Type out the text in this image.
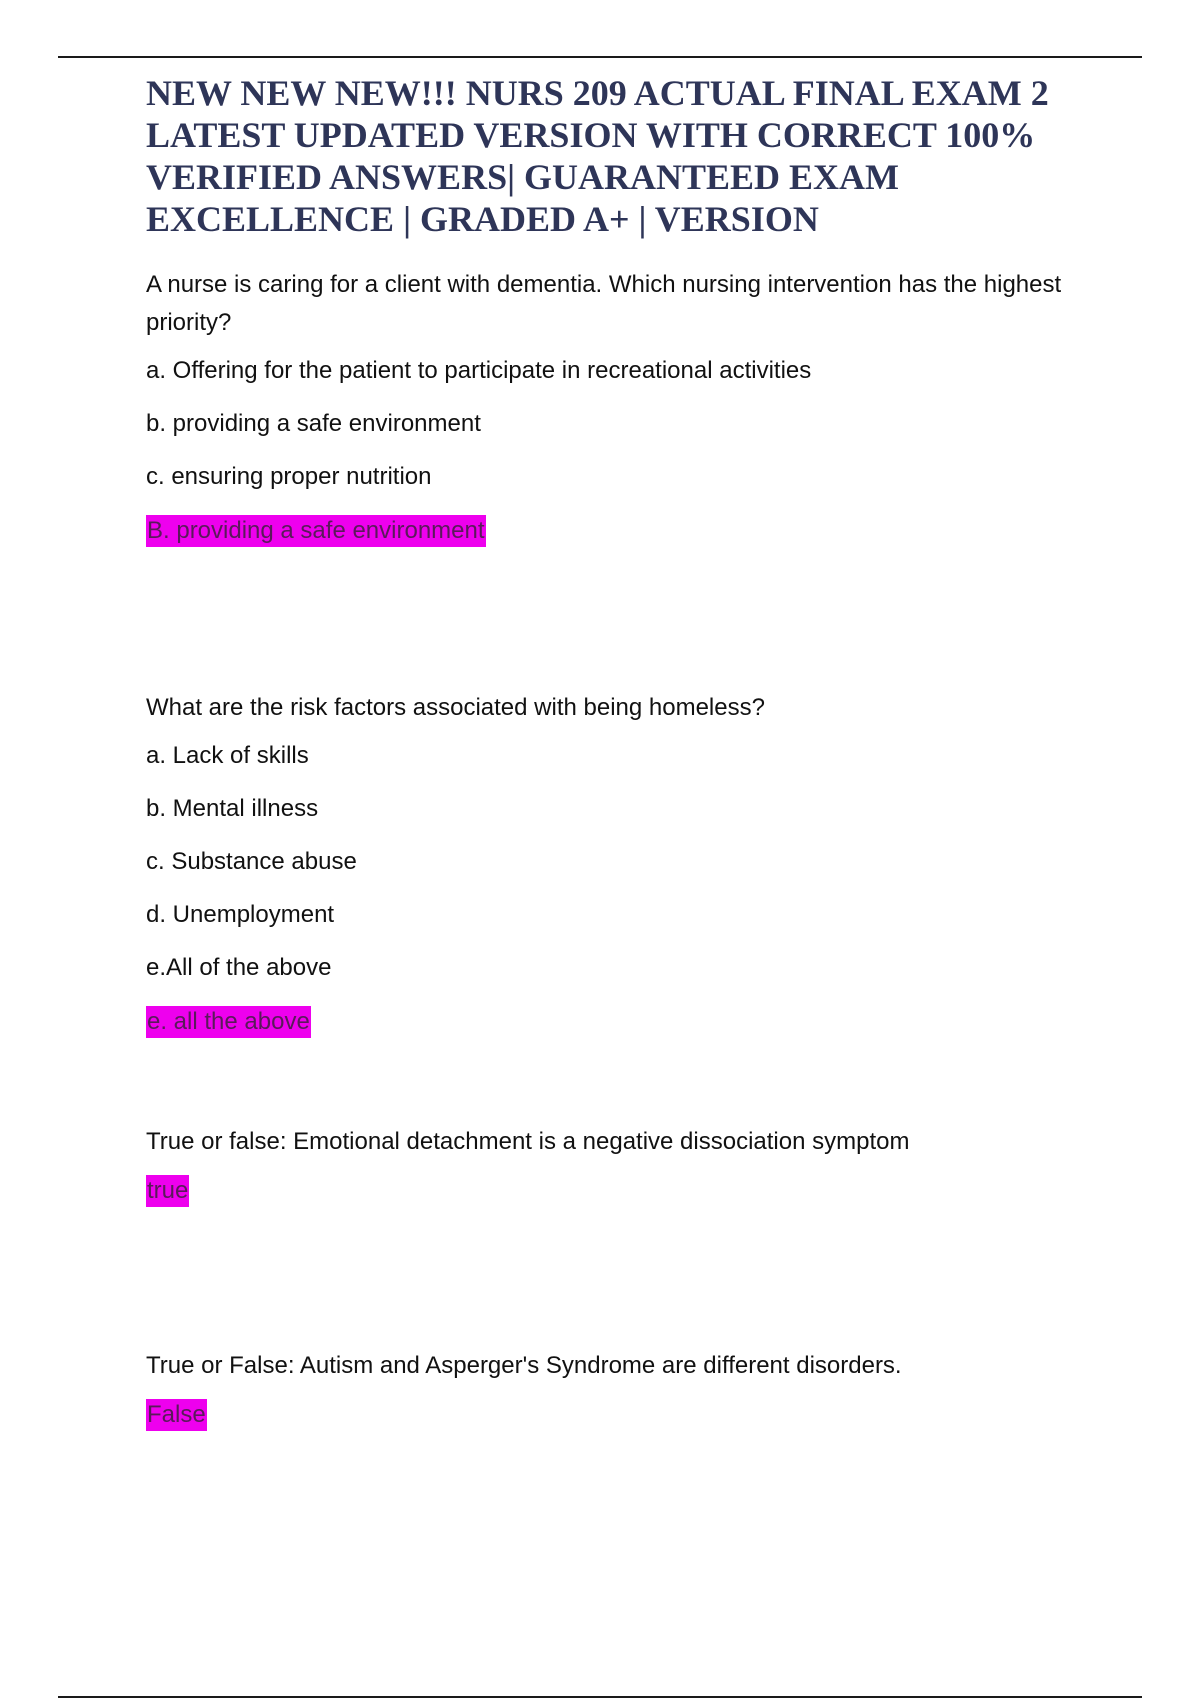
NEW NEW NEW!!! NURS 209 ACTUAL FINAL EXAM 2 LATEST UPDATED VERSION WITH CORRECT 100% VERIFIED ANSWERS| GUARANTEED EXAM EXCELLENCE | GRADED A+ | VERSION
A nurse is caring for a client with dementia. Which nursing intervention has the highest priority?
a. Offering for the patient to participate in recreational activities
b. providing a safe environment
c. ensuring proper nutrition
B. providing a safe environment
What are the risk factors associated with being homeless?
a. Lack of skills
b. Mental illness
c. Substance abuse
d. Unemployment
e.All of the above
e. all the above
True or false: Emotional detachment is a negative dissociation symptom
true
True or False: Autism and Asperger's Syndrome are different disorders.
False
